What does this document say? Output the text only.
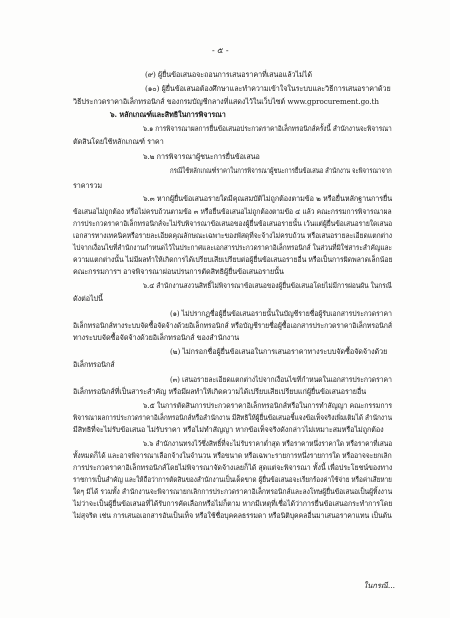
- ๕ -
(๙) ผู้ยื่นข้อเสนอจะถอนการเสนอราคาที่เสนอแล้วไม่ได้
(๑๐) ผู้ยื่นข้อเสนอต้องศึกษาและทำความเข้าใจในระบบและวิธีการเสนอราคาด้วย
วิธีประกวดราคาอิเล็กทรอนิกส์ ของกรมบัญชีกลางที่แสดงไว้ในเว็บไซต์ www.gprocurement.go.th
๖. หลักเกณฑ์และสิทธิในการพิจารณา
๖.๑ การพิจารณาผลการยื่นข้อเสนอประกวดราคาอิเล็กทรอนิกส์ครั้งนี้ สำนักงานจะพิจารณา
ตัดสินโดยใช้หลักเกณฑ์ ราคา
๖.๒ การพิจารณาผู้ชนะการยื่นข้อเสนอ
กรณีใช้หลักเกณฑ์ราคาในการพิจารณาผู้ชนะการยื่นข้อเสนอ สำนักงาน จะพิจารณาจาก
ราคารวม
๖.๓ หากผู้ยื่นข้อเสนอรายใดมีคุณสมบัติไม่ถูกต้องตามข้อ ๒ หรือยื่นหลักฐานการยื่น
ข้อเสนอไม่ถูกต้อง หรือไม่ครบถ้วนตามข้อ ๓ หรือยื่นข้อเสนอไม่ถูกต้องตามข้อ ๔ แล้ว คณะกรรมการพิจารณาผล
การประกวดราคาอิเล็กทรอนิกส์จะไม่รับพิจารณาข้อเสนอของผู้ยื่นข้อเสนอรายนั้น เว้นแต่ผู้ยื่นข้อเสนอรายใดเสนอ
เอกสารทางเทคนิคหรือรายละเอียดคุณลักษณะเฉพาะของพัสดุที่จะจ้างไม่ครบถ้วน หรือเสนอรายละเอียดแตกต่าง
ไปจากเงื่อนไขที่สำนักงานกำหนดไว้ในประกาศและเอกสารประกวดราคาอิเล็กทรอนิกส์ ในส่วนที่มิใช่สาระสำคัญและ
ความแตกต่างนั้น ไม่มีผลทำให้เกิดการได้เปรียบเสียเปรียบต่อผู้ยื่นข้อเสนอรายอื่น หรือเป็นการผิดพลาดเล็กน้อย
คณะกรรมการฯ อาจพิจารณาผ่อนปรนการตัดสิทธิผู้ยื่นข้อเสนอรายนั้น
๖.๔ สำนักงานสงวนสิทธิ์ไม่พิจารณาข้อเสนอของผู้ยื่นข้อเสนอโดยไม่มีการผ่อนผัน ในกรณี
ดังต่อไปนี้
(๑) ไม่ปรากฏชื่อผู้ยื่นข้อเสนอรายนั้นในบัญชีรายชื่อผู้รับเอกสารประกวดราคา
อิเล็กทรอนิกส์ทางระบบจัดซื้อจัดจ้างด้วยอิเล็กทรอนิกส์ หรือบัญชีรายชื่อผู้ซื้อเอกสารประกวดราคาอิเล็กทรอนิกส์
ทางระบบจัดซื้อจัดจ้างด้วยอิเล็กทรอนิกส์ ของสำนักงาน
(๒) ไม่กรอกชื่อผู้ยื่นข้อเสนอในการเสนอราคาทางระบบจัดซื้อจัดจ้างด้วย
อิเล็กทรอนิกส์
(๓) เสนอรายละเอียดแตกต่างไปจากเงื่อนไขที่กำหนดในเอกสารประกวดราคา
อิเล็กทรอนิกส์ที่เป็นสาระสำคัญ หรือมีผลทำให้เกิดความได้เปรียบเสียเปรียบแก่ผู้ยื่นข้อเสนอรายอื่น
๖.๕ ในการตัดสินการประกวดราคาอิเล็กทรอนิกส์หรือในการทำสัญญา คณะกรรมการ
พิจารณาผลการประกวดราคาอิเล็กทรอนิกส์หรือสำนักงาน มีสิทธิให้ผู้ยื่นข้อเสนอชี้แจงข้อเท็จจริงเพิ่มเติมได้ สำนักงาน
มีสิทธิที่จะไม่รับข้อเสนอ ไม่รับราคา หรือไม่ทำสัญญา หากข้อเท็จจริงดังกล่าวไม่เหมาะสมหรือไม่ถูกต้อง
๖.๖ สำนักงานทรงไว้ซึ่งสิทธิ์ที่จะไม่รับราคาต่ำสุด หรือราคาหนึ่งราคาใด หรือราคาที่เสนอ
ทั้งหมดก็ได้ และอาจพิจารณาเลือกจ้างในจำนวน หรือขนาด หรือเฉพาะรายการหนึ่งรายการใด หรืออาจจะยกเลิก
การประกวดราคาอิเล็กทรอนิกส์โดยไม่พิจารณาจัดจ้างเลยก็ได้ สุดแต่จะพิจารณา ทั้งนี้ เพื่อประโยชน์ของทาง
ราชการเป็นสำคัญ และให้ถือว่าการตัดสินของสำนักงานเป็นเด็ดขาด ผู้ยื่นข้อเสนอจะเรียกร้องค่าใช้จ่าย หรือค่าเสียหาย
ใดๆ มิได้ รวมทั้ง สำนักงานจะพิจารณายกเลิกการประกวดราคาอิเล็กทรอนิกส์และลงโทษผู้ยื่นข้อเสนอเป็นผู้ทิ้งงาน
ไม่ว่าจะเป็นผู้ยื่นข้อเสนอที่ได้รับการคัดเลือกหรือไม่ก็ตาม หากมีเหตุที่เชื่อได้ว่าการยื่นข้อเสนอกระทำการโดย
ไม่สุจริต เช่น การเสนอเอกสารอันเป็นเท็จ หรือใช้ชื่อบุคคลธรรมดา หรือนิติบุคคลอื่นมาเสนอราคาแทน เป็นต้น
ในกรณี...
